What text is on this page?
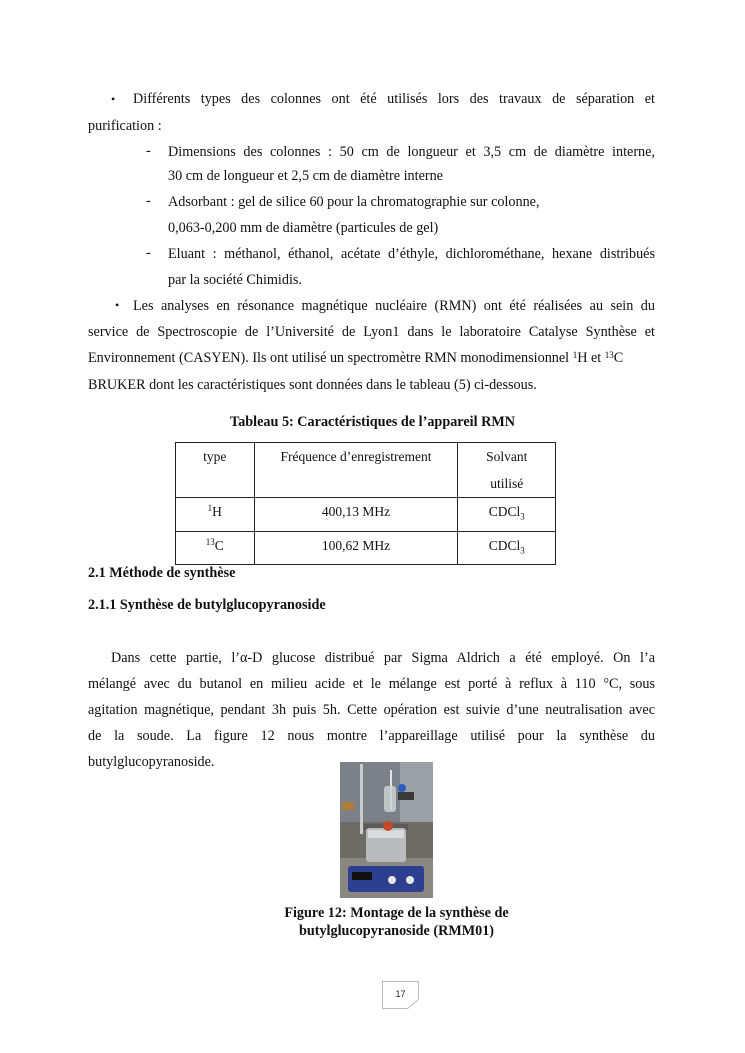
• Différents types des colonnes ont été utilisés lors des travaux de séparation et
purification :
- Dimensions des colonnes : 50 cm de longueur et 3,5 cm de diamètre interne,
30 cm de longueur et 2,5 cm de diamètre interne
- Adsorbant : gel de silice 60 pour la chromatographie sur colonne,
0,063-0,200 mm de diamètre (particules de gel)
- Eluant : méthanol, éthanol, acétate d’éthyle, dichlorométhane, hexane distribués
par la société Chimidis.
• Les analyses en résonance magnétique nucléaire (RMN) ont été réalisées au sein du
service de Spectroscopie de l’Université de Lyon1 dans le laboratoire Catalyse Synthèse et
Environnement (CASYEN). Ils ont utilisé un spectromètre RMN monodimensionnel $^1$H et $^{13}$C
BRUKER dont les caractéristiques sont données dans le tableau (5) ci-dessous.
Tableau 5: Caractéristiques de l’appareil RMN
type	Fréquence d’enregistrement	Solvant
utilisé

$^1$H	400,13 MHz	CDCl$_3$
$^{13}$C	100,62 MHz	CDCl$_3$
2.1 Méthode de synthèse
2.1.1 Synthèse de butylglucopyranoside
Dans cette partie, l’α-D glucose distribué par Sigma Aldrich a été employé. On l’a
mélangé avec du butanol en milieu acide et le mélange est porté à reflux à 110 °C, sous
agitation magnétique, pendant 3h puis 5h. Cette opération est suivie d’une neutralisation avec
de la soude. La figure 12 nous montre l’appareillage utilisé pour la synthèse du
butylglucopyranoside.
Figure 12: Montage de la synthèse de
butylglucopyranoside (RMM01)
17
